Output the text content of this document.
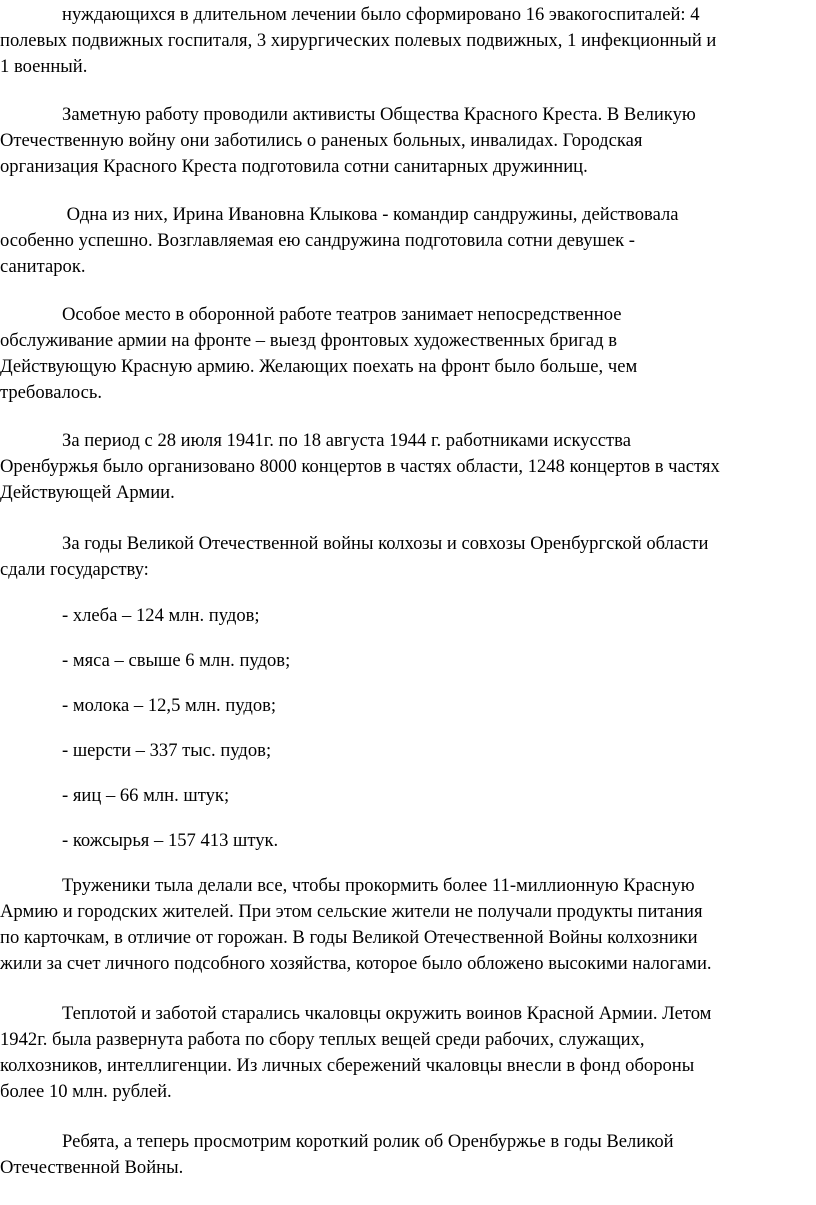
нуждающихся в длительном лечении было сформировано 16 эвакогоспиталей: 4
полевых подвижных госпиталя, 3 хирургических полевых подвижных, 1 инфекционный и
1 военный.
Заметную работу проводили активисты Общества Красного Креста. В Великую
Отечественную войну они заботились о раненых больных, инвалидах. Городская
организация Красного Креста подготовила сотни санитарных дружинниц.
Одна из них, Ирина Ивановна Клыкова - командир сандружины, действовала
особенно успешно. Возглавляемая ею сандружина подготовила сотни девушек -
санитарок.
Особое место в оборонной работе театров занимает непосредственное
обслуживание армии на фронте – выезд фронтовых художественных бригад в
Действующую Красную армию. Желающих поехать на фронт было больше, чем
требовалось.
За период с 28 июля 1941г. по 18 августа 1944 г. работниками искусства
Оренбуржья было организовано 8000 концертов в частях области, 1248 концертов в частях
Действующей Армии.
За годы Великой Отечественной войны колхозы и совхозы Оренбургской области
сдали государству:
- хлеба – 124 млн. пудов;
- мяса – свыше 6 млн. пудов;
- молока – 12,5 млн. пудов;
- шерсти – 337 тыс. пудов;
- яиц – 66 млн. штук;
- кожсырья – 157 413 штук.
Труженики тыла делали все, чтобы прокормить более 11-миллионную Красную
Армию и городских жителей. При этом сельские жители не получали продукты питания
по карточкам, в отличие от горожан. В годы Великой Отечественной Войны колхозники
жили за счет личного подсобного хозяйства, которое было обложено высокими налогами.
Теплотой и заботой старались чкаловцы окружить воинов Красной Армии. Летом
1942г. была развернута работа по сбору теплых вещей среди рабочих, служащих,
колхозников, интеллигенции. Из личных сбережений чкаловцы внесли в фонд обороны
более 10 млн. рублей.
Ребята, а теперь просмотрим короткий ролик об Оренбуржье в годы Великой
Отечественной Войны.
